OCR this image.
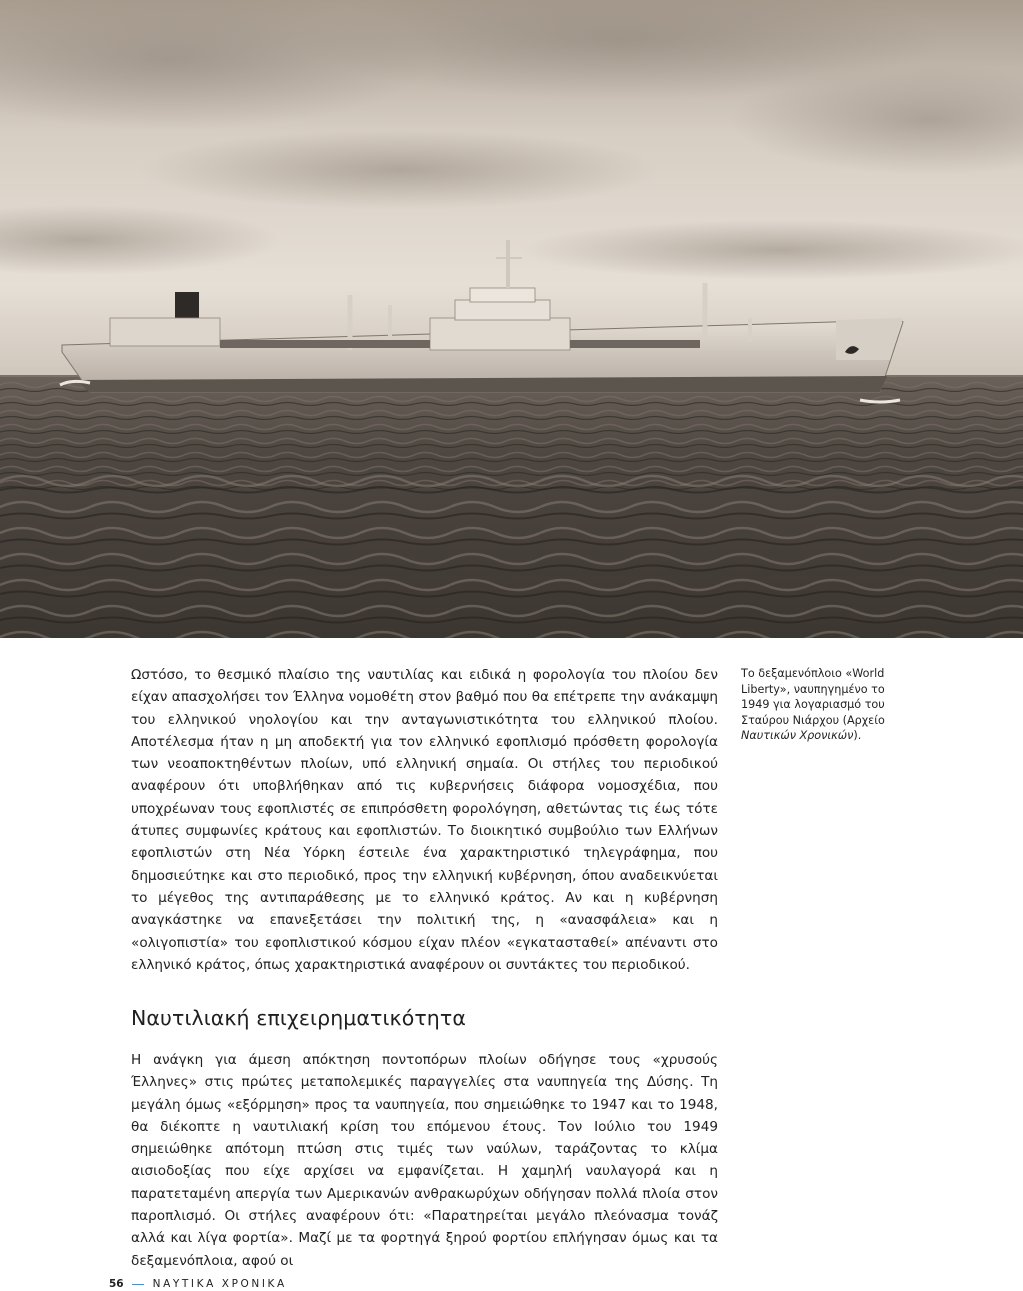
Ωστόσο, το θεσμικό πλαίσιο της ναυτιλίας και ειδικά η φορολογία του πλοίου δεν είχαν απασχολήσει τον Έλληνα νομοθέτη στον βαθμό που θα επέτρεπε την ανάκαμψη του ελληνικού νηολογίου και την ανταγωνιστικότητα του ελληνικού πλοίου. Αποτέλεσμα ήταν η μη αποδεκτή για τον ελληνικό εφοπλισμό πρόσθετη φορολογία των νεοαποκτηθέντων πλοίων, υπό ελληνική σημαία. Οι στήλες του περιοδικού αναφέρουν ότι υποβλήθηκαν από τις κυβερνήσεις διάφορα νομοσχέδια, που υποχρέωναν τους εφοπλιστές σε επιπρόσθετη φορολόγηση, αθετώντας τις έως τότε άτυπες συμφωνίες κράτους και εφοπλιστών. Το διοικητικό συμβούλιο των Ελλήνων εφοπλιστών στη Νέα Υόρκη έστειλε ένα χαρακτηριστικό τηλεγράφημα, που δημοσιεύτηκε και στο περιοδικό, προς την ελληνική κυβέρνηση, όπου αναδεικνύεται το μέγεθος της αντιπαράθεσης με το ελληνικό κράτος. Αν και η κυβέρνηση αναγκάστηκε να επανεξετάσει την πολιτική της, η «ανασφάλεια» και η «ολιγοπιστία» του εφοπλιστικού κόσμου είχαν πλέον «εγκατασταθεί» απέναντι στο ελληνικό κράτος, όπως χαρακτηριστικά αναφέρουν οι συντάκτες του περιοδικού.

Το δεξαμενόπλοιο «World Liberty», ναυπηγημένο το 1949 για λογαριασμό του Σταύρου Νιάρχου (Αρχείο Ναυτικών Χρονικών).

Ναυτιλιακή επιχειρηματικότητα

Η ανάγκη για άμεση απόκτηση ποντοπόρων πλοίων οδήγησε τους «χρυσούς Έλληνες» στις πρώτες μεταπολεμικές παραγγελίες στα ναυπηγεία της Δύσης. Τη μεγάλη όμως «εξόρμηση» προς τα ναυπηγεία, που σημειώθηκε το 1947 και το 1948, θα διέκοπτε η ναυτιλιακή κρίση του επόμενου έτους. Τον Ιούλιο του 1949 σημειώθηκε απότομη πτώση στις τιμές των ναύλων, ταράζοντας το κλίμα αισιοδοξίας που είχε αρχίσει να εμφανίζεται. Η χαμηλή ναυλαγορά και η παρατεταμένη απεργία των Αμερικανών ανθρακωρύχων οδήγησαν πολλά πλοία στον παροπλισμό. Οι στήλες αναφέρουν ότι: «Παρατηρείται μεγάλο πλεόνασμα τονάζ αλλά και λίγα φορτία». Μαζί με τα φορτηγά ξηρού φορτίου επλήγησαν όμως και τα δεξαμενόπλοια, αφού οι

56	ΝΑΥΤΙΚΑ ΧΡΟΝΙΚΑ
